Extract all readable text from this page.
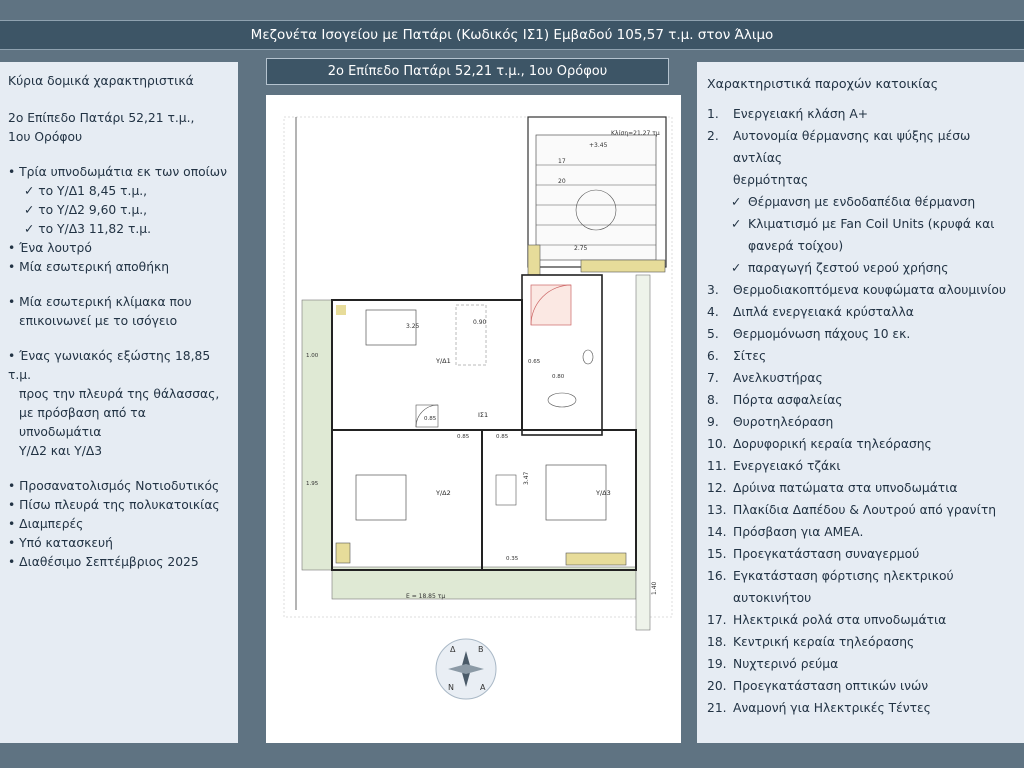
Μεζονέτα Ισογείου με Πατάρι (Κωδικός ΙΣ1) Εμβαδού 105,57 τ.μ. στον Άλιμο
Κύρια δομικά χαρακτηριστικά
2ο Επίπεδο Πατάρι 52,21 τ.μ.,
1ου Ορόφου
• Τρία υπνοδωμάτια εκ των οποίων
✓ το Υ/Δ1 8,45 τ.μ.,
✓ το Υ/Δ2 9,60 τ.μ.,
✓ το Υ/Δ3 11,82 τ.μ.
• Ένα λουτρό
• Μία εσωτερική αποθήκη
• Μία εσωτερική κλίμακα που
επικοινωνεί με το ισόγειο
• Ένας γωνιακός εξώστης 18,85 τ.μ.
προς την πλευρά της θάλασσας,
με πρόσβαση από τα υπνοδωμάτια
Υ/Δ2 και Υ/Δ3
• Προσανατολισμός Νοτιοδυτικός
• Πίσω πλευρά της πολυκατοικίας
• Διαμπερές
• Υπό κατασκευή
• Διαθέσιμο Σεπτέμβριος 2025
2ο Επίπεδο Πατάρι 52,21 τ.μ., 1ου Ορόφου
Κλίση=21.27 τμ
+3.45
17
20
2.75
Υ/Δ1
3.25
0.90
ΙΣ1
0.85	0.85
0.85
0.65
0.80
Υ/Δ2	Υ/Δ3
3.47
0.35
1.95
1.00
Ε = 18.85 τμ
1.40
Β
Α
Ν
Δ
Χαρακτηριστικά παροχών κατοικίας
1.	Ενεργειακή κλάση Α+
2.	Αυτονομία θέρμανσης και ψύξης μέσω αντλίας
θερμότητας
✓ Θέρμανση με ενδοδαπέδια θέρμανση
✓ Κλιματισμό με Fan Coil Units (κρυφά και
φανερά τοίχου)
✓ παραγωγή ζεστού νερού χρήσης
3.	Θερμοδιακοπτόμενα κουφώματα αλουμινίου
4.	Διπλά ενεργειακά κρύσταλλα
5.	Θερμομόνωση πάχους 10 εκ.
6.	Σίτες
7.	Ανελκυστήρας
8.	Πόρτα ασφαλείας
9.	Θυροτηλεόραση
10. Δορυφορική κεραία τηλεόρασης
11. Ενεργειακό τζάκι
12. Δρύινα πατώματα στα υπνοδωμάτια
13. Πλακίδια Δαπέδου & Λουτρού από γρανίτη
14. Πρόσβαση για ΑΜΕΑ.
15. Προεγκατάσταση συναγερμού
16. Εγκατάσταση φόρτισης ηλεκτρικού
αυτοκινήτου
17. Ηλεκτρικά ρολά στα υπνοδωμάτια
18. Κεντρική κεραία τηλεόρασης
19. Νυχτερινό ρεύμα
20. Προεγκατάσταση οπτικών ινών
21. Αναμονή για Ηλεκτρικές Τέντες
